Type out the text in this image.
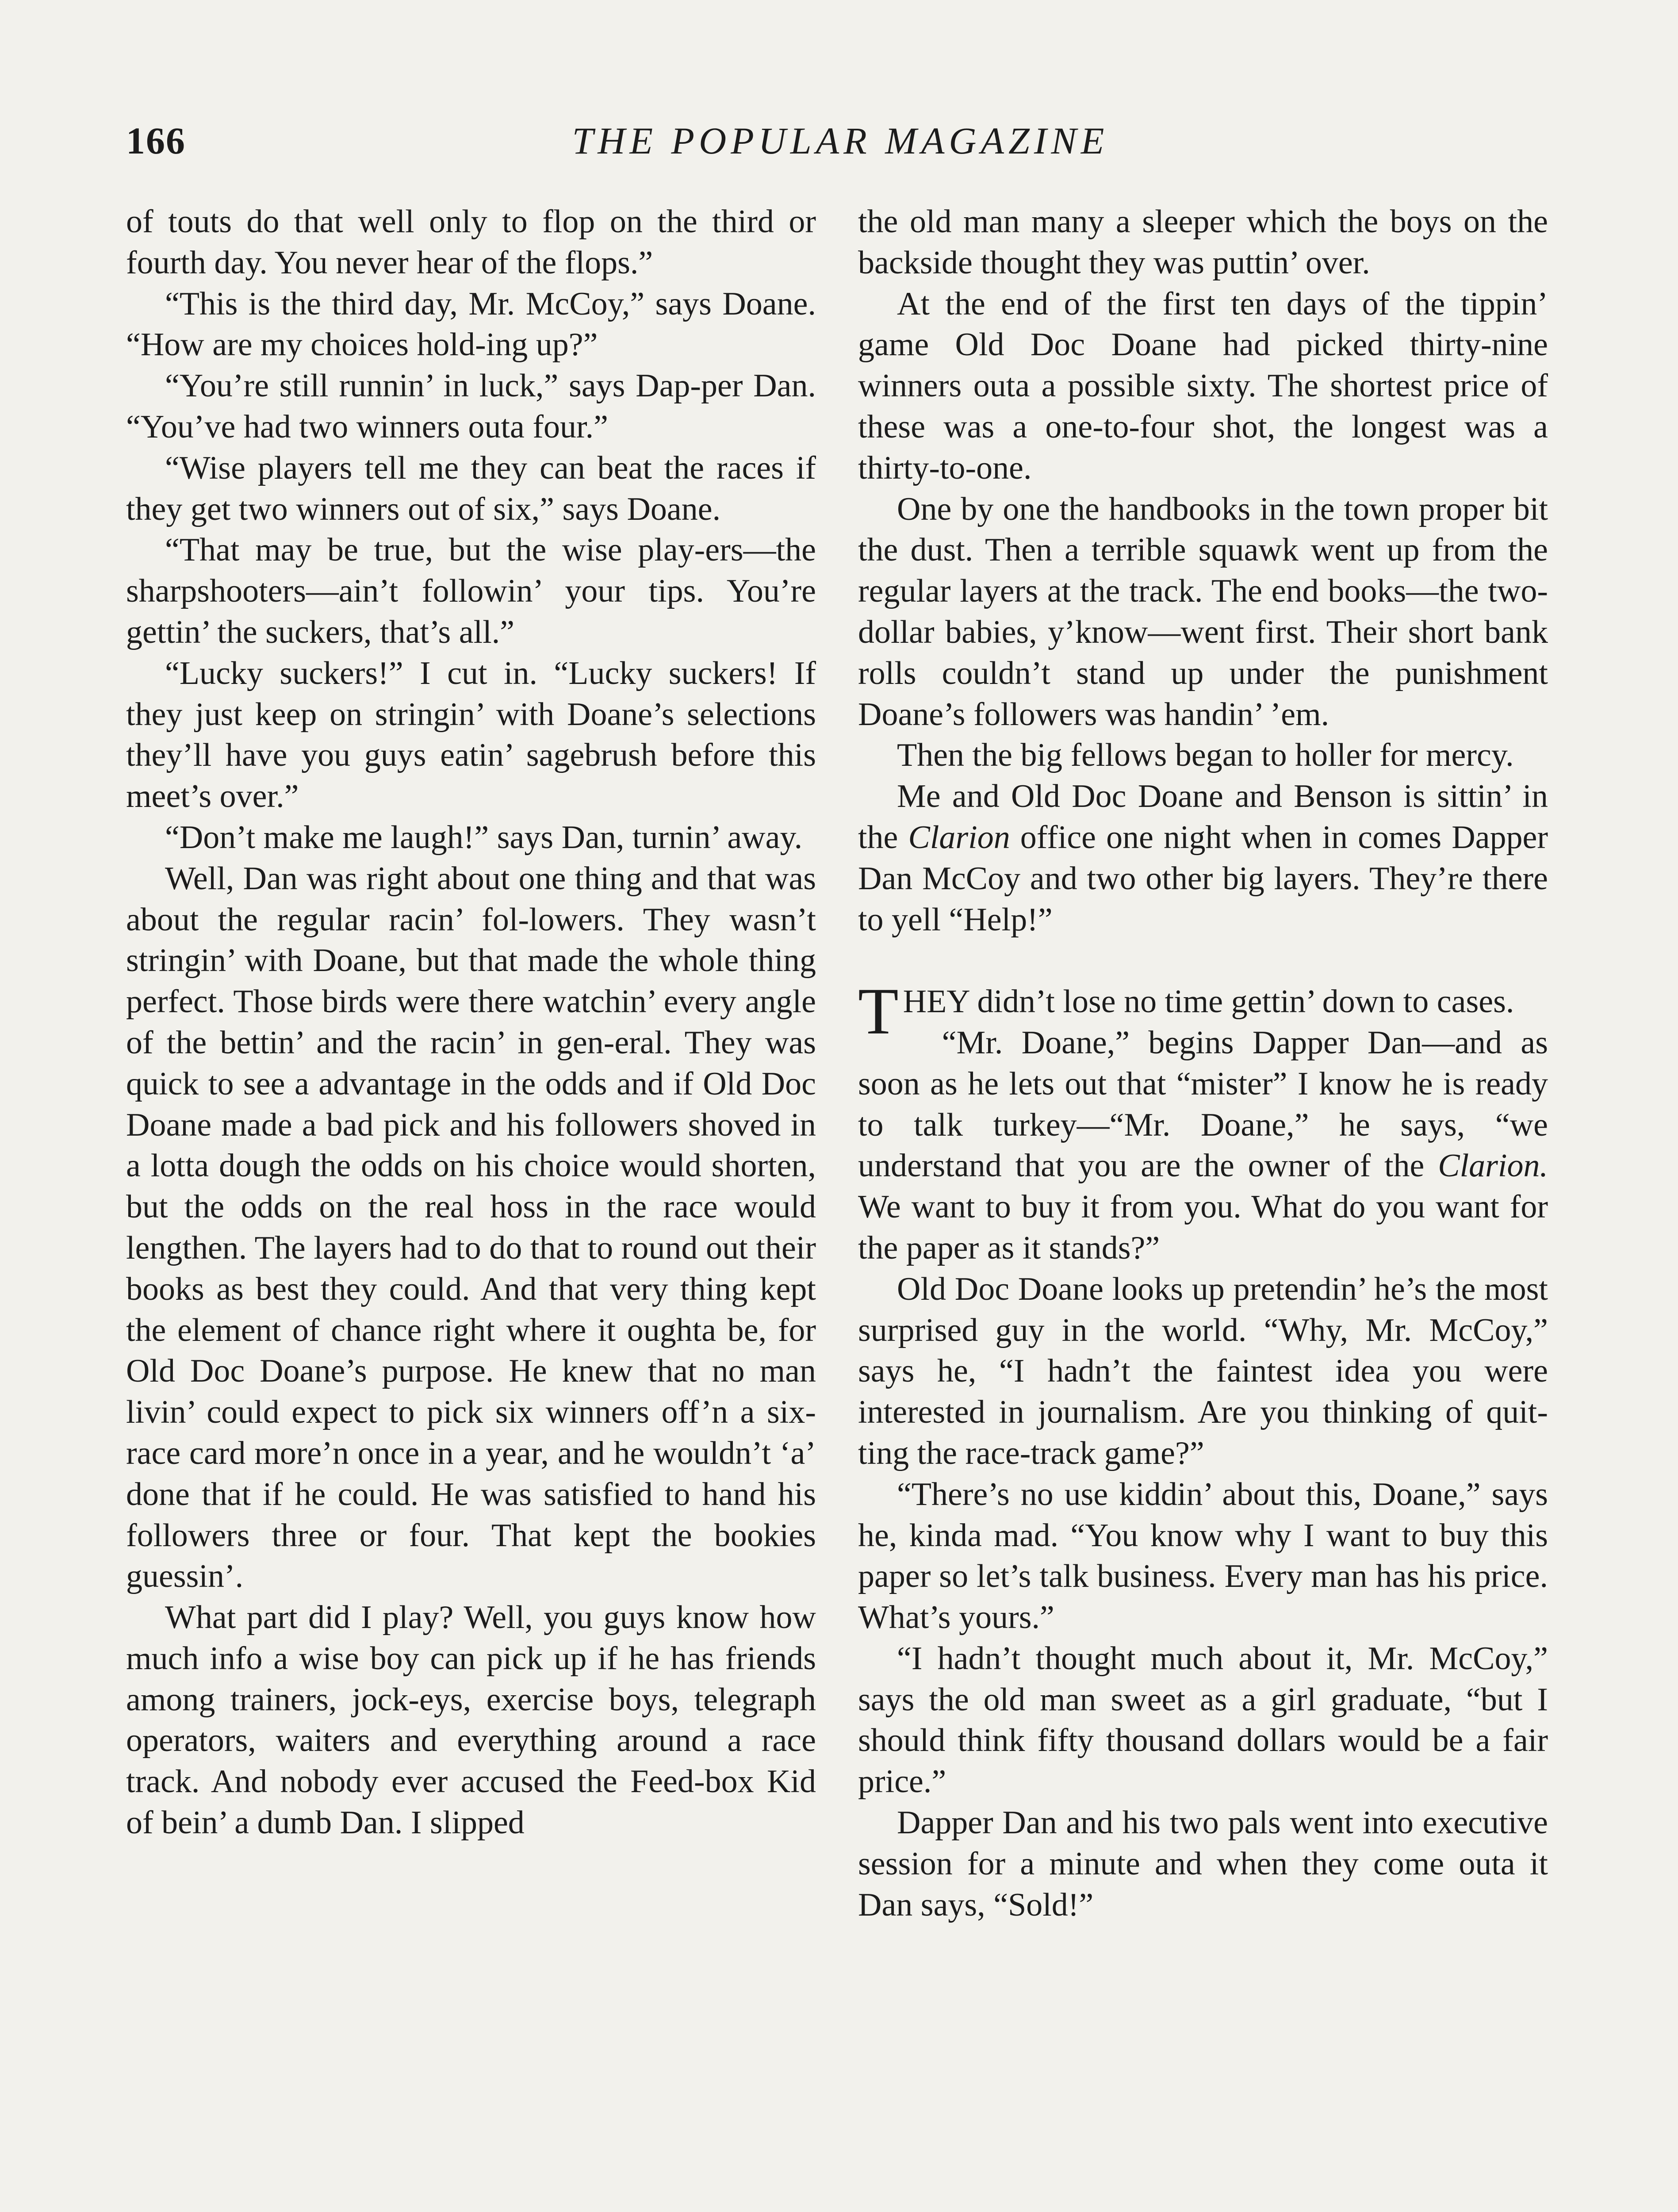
166	THE POPULAR MAGAZINE

of touts do that well only to flop on the third or fourth day. You never hear of the flops.”

“This is the third day, Mr. McCoy,” says Doane. “How are my choices hold-ing up?”

“You’re still runnin’ in luck,” says Dap-per Dan. “You’ve had two winners outa four.”

“Wise players tell me they can beat the races if they get two winners out of six,” says Doane.

“That may be true, but the wise play-ers—the sharpshooters—ain’t followin’ your tips. You’re gettin’ the suckers, that’s all.”

“Lucky suckers!” I cut in. “Lucky suckers! If they just keep on stringin’ with Doane’s selections they’ll have you guys eatin’ sagebrush before this meet’s over.”

“Don’t make me laugh!” says Dan, turnin’ away.

Well, Dan was right about one thing and that was about the regular racin’ fol-lowers. They wasn’t stringin’ with Doane, but that made the whole thing perfect. Those birds were there watchin’ every angle of the bettin’ and the racin’ in gen-eral. They was quick to see a advantage in the odds and if Old Doc Doane made a bad pick and his followers shoved in a lotta dough the odds on his choice would shorten, but the odds on the real hoss in the race would lengthen. The layers had to do that to round out their books as best they could. And that very thing kept the element of chance right where it oughta be, for Old Doc Doane’s purpose. He knew that no man livin’ could expect to pick six winners off’n a six-race card more’n once in a year, and he wouldn’t ‘a’ done that if he could. He was satisfied to hand his followers three or four. That kept the bookies guessin’.

What part did I play? Well, you guys know how much info a wise boy can pick up if he has friends among trainers, jock-eys, exercise boys, telegraph operators, waiters and everything around a race track. And nobody ever accused the Feed-box Kid of bein’ a dumb Dan. I slipped

the old man many a sleeper which the boys on the backside thought they was puttin’ over.

At the end of the first ten days of the tippin’ game Old Doc Doane had picked thirty-nine winners outa a possible sixty. The shortest price of these was a one-to-four shot, the longest was a thirty-to-one.

One by one the handbooks in the town proper bit the dust. Then a terrible squawk went up from the regular layers at the track. The end books—the two-dollar babies, y’know—went first. Their short bank rolls couldn’t stand up under the punishment Doane’s followers was handin’ ’em.

Then the big fellows began to holler for mercy.

Me and Old Doc Doane and Benson is sittin’ in the Clarion office one night when in comes Dapper Dan McCoy and two other big layers. They’re there to yell “Help!”

THEY didn’t lose no time gettin’ down to cases.

“Mr. Doane,” begins Dapper Dan—and as soon as he lets out that “mister” I know he is ready to talk turkey—“Mr. Doane,” he says, “we understand that you are the owner of the Clarion. We want to buy it from you. What do you want for the paper as it stands?”

Old Doc Doane looks up pretendin’ he’s the most surprised guy in the world. “Why, Mr. McCoy,” says he, “I hadn’t the faintest idea you were interested in journalism. Are you thinking of quit-ting the race-track game?”

“There’s no use kiddin’ about this, Doane,” says he, kinda mad. “You know why I want to buy this paper so let’s talk business. Every man has his price. What’s yours.”

“I hadn’t thought much about it, Mr. McCoy,” says the old man sweet as a girl graduate, “but I should think fifty thousand dollars would be a fair price.”

Dapper Dan and his two pals went into executive session for a minute and when they come outa it Dan says, “Sold!”
